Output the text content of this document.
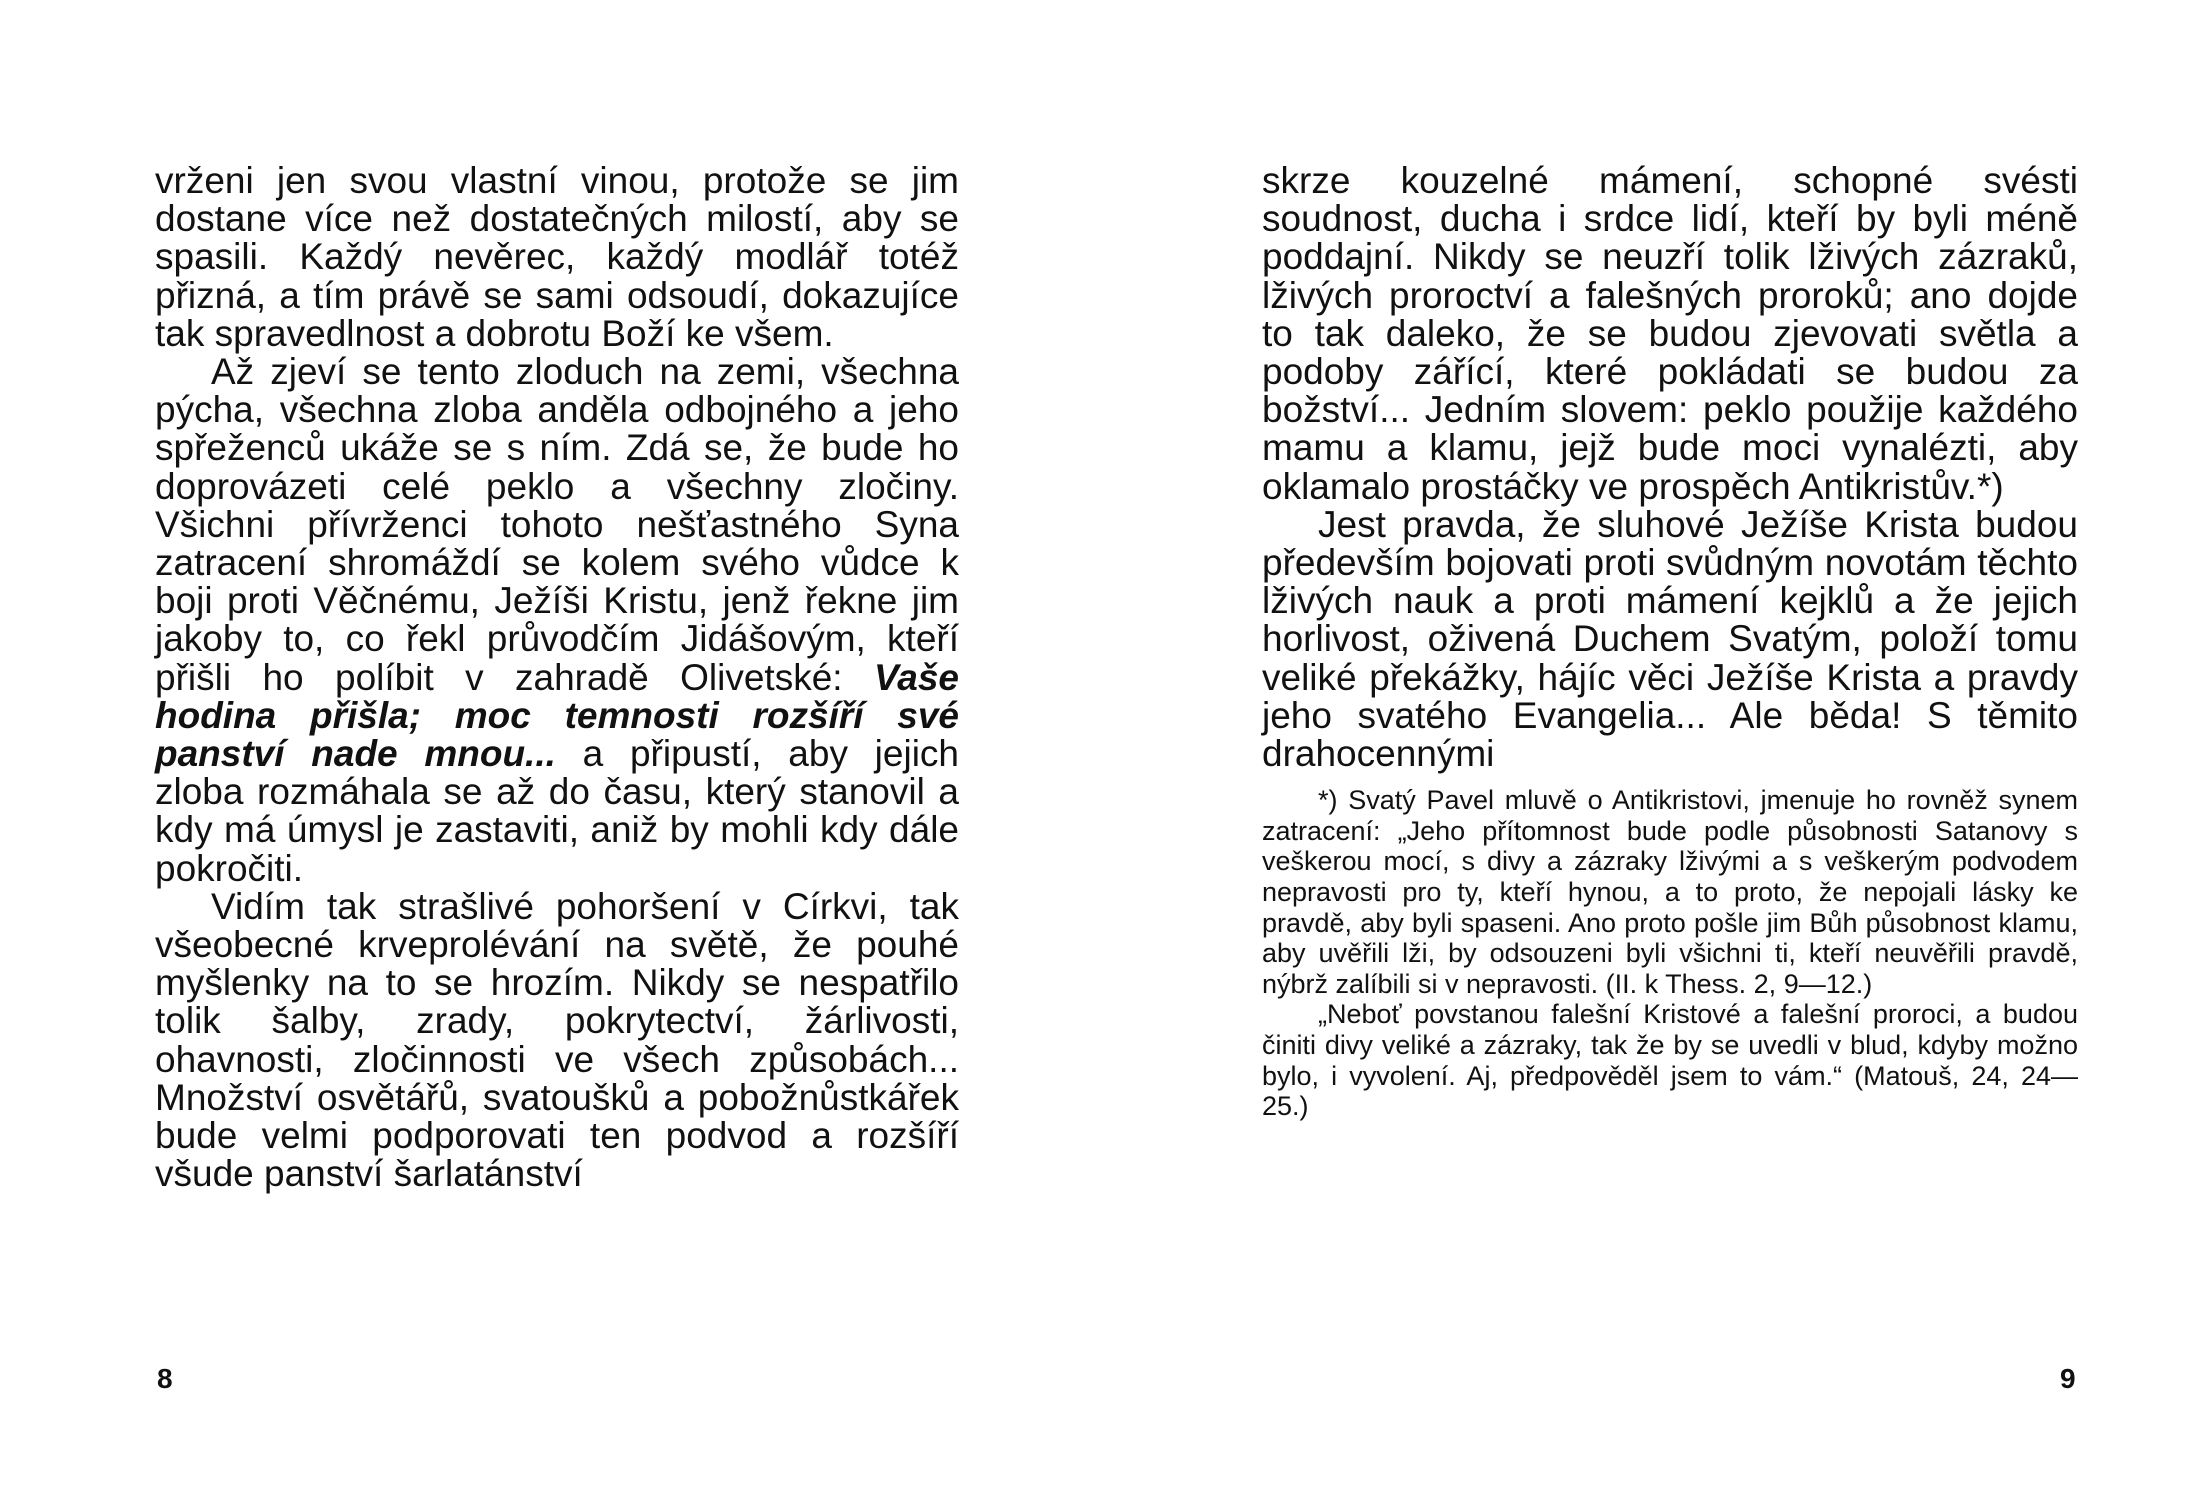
vrženi jen svou vlastní vinou, protože se jim dostane více než dostatečných milostí, aby se spasili. Každý nevěrec, každý modlář totéž přizná, a tím právě se sami odsoudí, dokazujíce tak spravedlnost a dobrotu Boží ke všem.

Až zjeví se tento zloduch na zemi, všechna pýcha, všechna zloba anděla odbojného a jeho spřeženců ukáže se s ním. Zdá se, že bude ho doprovázeti celé peklo a všechny zločiny. Všichni přívrženci tohoto nešťastného Syna zatracení shromáždí se kolem svého vůdce k boji proti Věčnému, Ježíši Kristu, jenž řekne jim jakoby to, co řekl průvodčím Jidášovým, kteří přišli ho políbit v zahradě Olivetské: Vaše hodina přišla; moc temnosti rozšíří své panství nade mnou... a připustí, aby jejich zloba rozmáhala se až do času, který stanovil a kdy má úmysl je zastaviti, aniž by mohli kdy dále pokročiti.

Vidím tak strašlivé pohoršení v Církvi, tak všeobecné krveprolévání na světě, že pouhé myšlenky na to se hrozím. Nikdy se nespatřilo tolik šalby, zrady, pokrytectví, žárlivosti, ohavnosti, zločinnosti ve všech způsobách... Množství osvětářů, svatoušků a pobožnůstkářek bude velmi podporovati ten podvod a rozšíří všude panství šarlatánství

8

skrze kouzelné mámení, schopné svésti soudnost, ducha i srdce lidí, kteří by byli méně poddajní. Nikdy se neuzří tolik lživých zázraků, lživých proroctví a falešných proroků; ano dojde to tak daleko, že se budou zjevovati světla a podoby zářící, které pokládati se budou za božství... Jedním slovem: peklo použije každého mamu a klamu, jejž bude moci vynalézti, aby oklamalo prostáčky ve prospěch Antikristův.*)

Jest pravda, že sluhové Ježíše Krista budou především bojovati proti svůdným novotám těchto lživých nauk a proti mámení kejklů a že jejich horlivost, oživená Duchem Svatým, položí tomu veliké překážky, hájíc věci Ježíše Krista a pravdy jeho svatého Evangelia... Ale běda! S těmito drahocennými

*) Svatý Pavel mluvě o Antikristovi, jmenuje ho rovněž synem zatracení: „Jeho přítomnost bude podle působnosti Satanovy s veškerou mocí, s divy a zázraky lživými a s veškerým podvodem nepravosti pro ty, kteří hynou, a to proto, že nepojali lásky ke pravdě, aby byli spaseni. Ano proto pošle jim Bůh působnost klamu, aby uvěřili lži, by odsouzeni byli všichni ti, kteří neuvěřili pravdě, nýbrž zalíbili si v nepravosti. (II. k Thess. 2, 9—12.)

„Neboť povstanou falešní Kristové a falešní proroci, a budou činiti divy veliké a zázraky, tak že by se uvedli v blud, kdyby možno bylo, i vyvolení. Aj, předpověděl jsem to vám.“ (Matouš, 24, 24—25.)

9
